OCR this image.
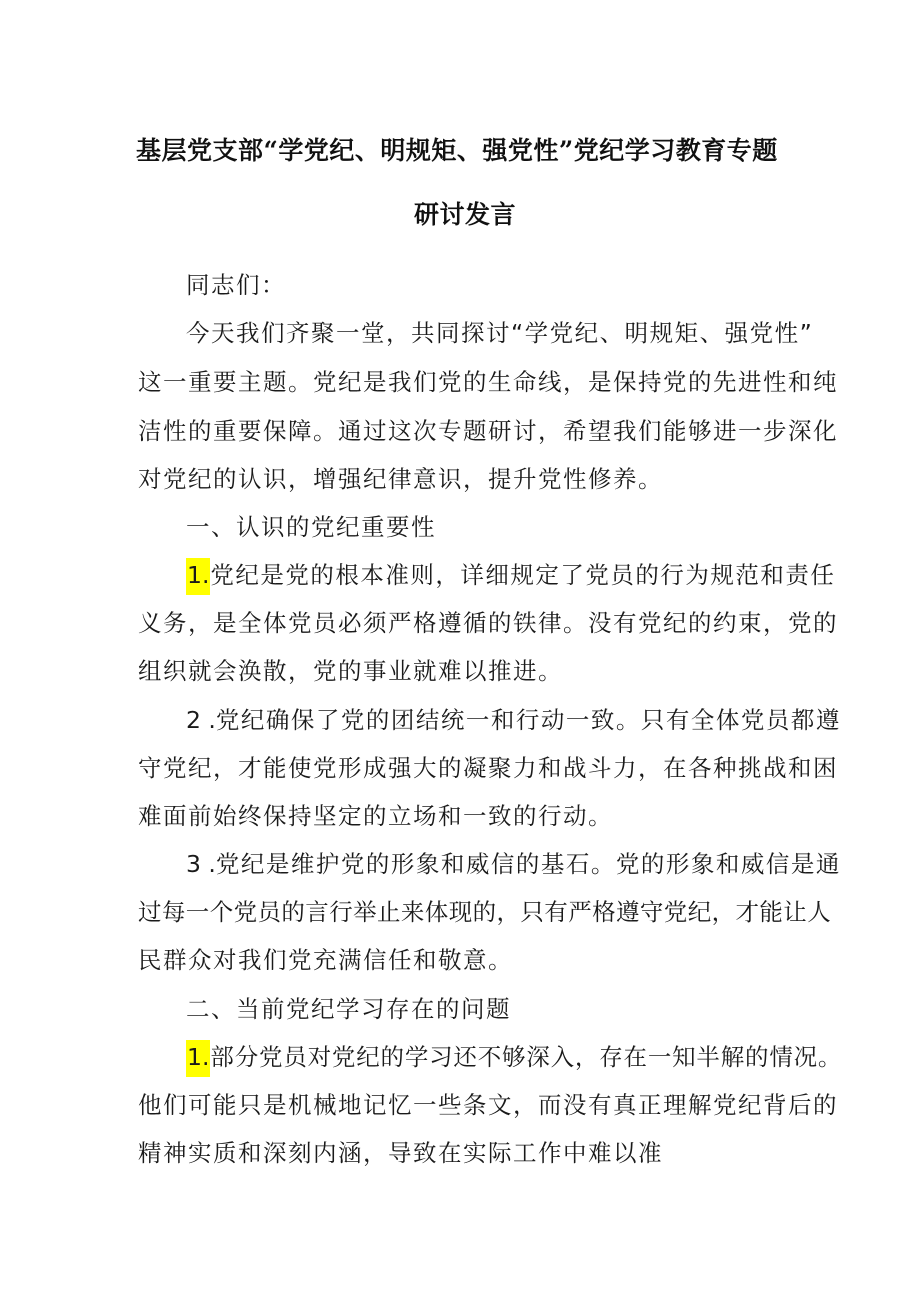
基层党支部“学党纪、明规矩、强党性”党纪学习教育专题
研讨发言
同志们：
今天我们齐聚一堂，共同探讨“学党纪、明规矩、强党性”
这一重要主题。党纪是我们党的生命线，是保持党的先进性和纯
洁性的重要保障。通过这次专题研讨，希望我们能够进一步深化
对党纪的认识，增强纪律意识，提升党性修养。
一、认识的党纪重要性
1.党纪是党的根本准则，详细规定了党员的行为规范和责任
义务，是全体党员必须严格遵循的铁律。没有党纪的约束，党的
组织就会涣散，党的事业就难以推进。
2 .党纪确保了党的团结统一和行动一致。只有全体党员都遵
守党纪，才能使党形成强大的凝聚力和战斗力，在各种挑战和困
难面前始终保持坚定的立场和一致的行动。
3 .党纪是维护党的形象和威信的基石。党的形象和威信是通
过每一个党员的言行举止来体现的，只有严格遵守党纪，才能让人
民群众对我们党充满信任和敬意。
二、当前党纪学习存在的问题
1.部分党员对党纪的学习还不够深入，存在一知半解的情况。
他们可能只是机械地记忆一些条文，而没有真正理解党纪背后的
精神实质和深刻内涵，导致在实际工作中难以准
